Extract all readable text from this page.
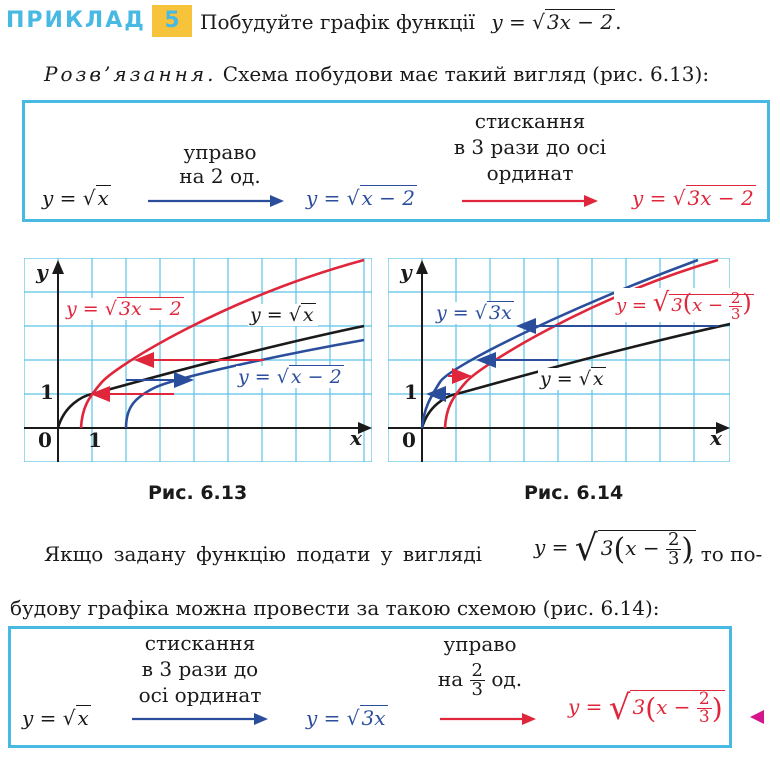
ПРИКЛАД 5	Побудуйте графік функції y = √ 3x − 2 .
Розв’язання. Схема побудови має такий вигляд (рис. 6.13):
y = √ x
управо
на 2 од.
y = √ x − 2
стискання
в 3 рази до осі
ординат
y = √ 3x − 2
y
x
0
1
1
y = √ 3x − 2	y = √ x
y = √ x − 2
Рис. 6.13
y
x
0
1
y = √ 3x	y = √ $3(x - \frac{2}{3}$ )
y = √ x
Рис. 6.14
Якщо задану функцію подати у вигляді	y = √ $3(x - \frac{2}{3}$ )
, то по-
будову графіка можна провести за такою схемою (рис. 6.14):
y = √ x
стискання
в 3 рази до
осі ординат
y = √ 3x
управо
на $\frac{2}{3}$ од.
y = √ $3(x - \frac{2}{3}$ )
